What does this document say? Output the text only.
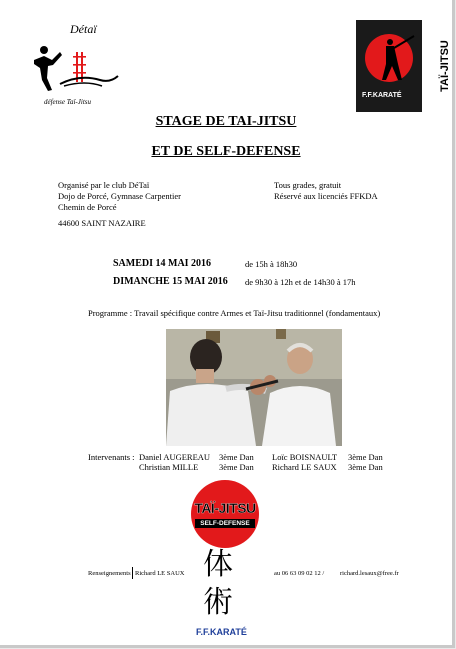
Détaï
défense Taï-Jitsu
F.F.KARATÉ
TAÏ-JITSU
STAGE DE TAI-JITSU
ET DE SELF-DEFENSE
Organisé par le club DéTaï
Dojo de Porcé, Gymnase Carpentier
Chemin de Porcé
44600 SAINT NAZAIRE
Tous grades, gratuit
Réservé aux licenciés FFKDA
SAMEDI 14 MAI 2016	de 15h à 18h30
DIMANCHE 15 MAI 2016 de 9h30 à 12h et de 14h30 à 17h
Programme : Travail spécifique contre Armes et Taï-Jitsu traditionnel (fondamentaux)
Intervenants : Daniel AUGEREAU 3ème Dan
Christian MILLE 3ème Dan
Loïc BOISNAULT 3ème Dan
Richard LE SAUX 3ème Dan
TAÏ-JITSU
SELF-DEFENSE
Renseignements Richard LE SAUX	au 06 63 09 02 12 / richard.lesaux@free.fr
体
術
F.F.KARATÉ
